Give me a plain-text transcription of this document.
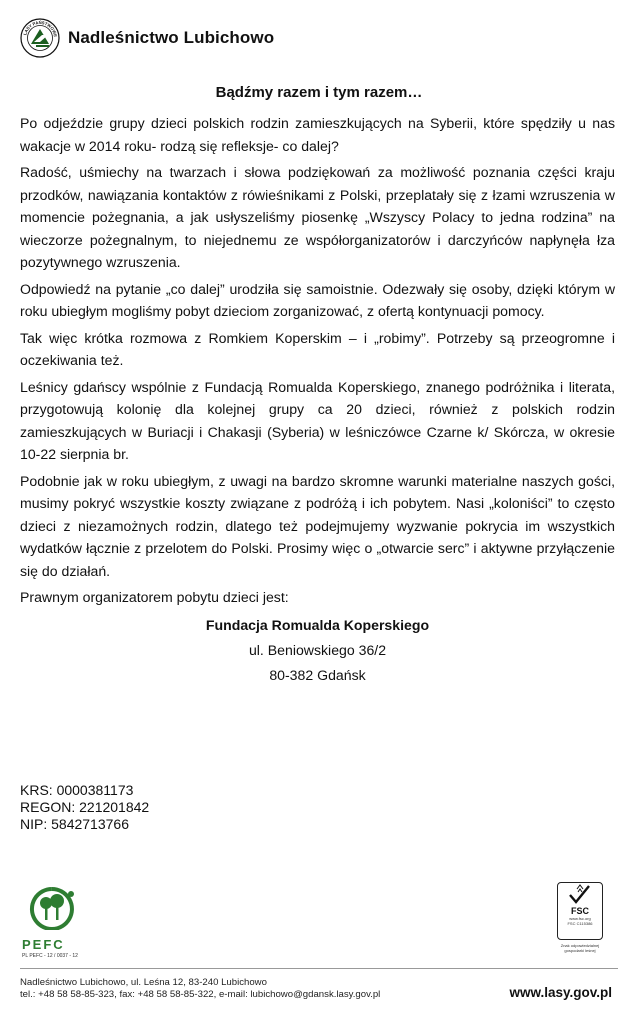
LASY PAŃSTWOWE Nadleśnictwo Lubichowo
Bądźmy razem i tym razem…

Po odjeździe grupy dzieci polskich rodzin zamieszkujących na Syberii, które spędziły u nas wakacje w 2014 roku- rodzą się refleksje- co dalej?

Radość, uśmiechy na twarzach i słowa podziękowań za możliwość poznania części kraju przodków, nawiązania kontaktów z rówieśnikami z Polski, przeplatały się z łzami wzruszenia w momencie pożegnania, a jak usłyszeliśmy piosenkę „Wszyscy Polacy to jedna rodzina” na wieczorze pożegnalnym, to niejednemu ze współorganizatorów i darczyńców napłynęła łza pozytywnego wzruszenia.

Odpowiedź na pytanie „co dalej” urodziła się samoistnie. Odezwały się osoby, dzięki którym w roku ubiegłym mogliśmy pobyt dzieciom zorganizować, z ofertą kontynuacji pomocy.

Tak więc krótka rozmowa z Romkiem Koperskim – i „robimy”. Potrzeby są przeogromne i oczekiwania też.

Leśnicy gdańscy wspólnie z Fundacją Romualda Koperskiego, znanego podróżnika i literata, przygotowują kolonię dla kolejnej grupy ca 20 dzieci, również z polskich rodzin zamieszkujących w Buriacji i Chakasji (Syberia) w leśniczówce Czarne k/ Skórcza, w okresie 10-22 sierpnia br.

Podobnie jak w roku ubiegłym, z uwagi na bardzo skromne warunki materialne naszych gości, musimy pokryć wszystkie koszty związane z podróżą i ich pobytem. Nasi „koloniści” to często dzieci z niezamożnych rodzin, dlatego też podejmujemy wyzwanie pokrycia im wszystkich wydatków łącznie z przelotem do Polski. Prosimy więc o „otwarcie serc” i aktywne przyłączenie się do działań.

Prawnym organizatorem pobytu dzieci jest:

Fundacja Romualda Koperskiego
ul. Beniowskiego 36/2
80-382 Gdańsk
KRS: 0000381173
REGON: 221201842
NIP: 5842713766
PEFC
PL PEFC - 12 / 0037 - 12
FSC
www.fsc.org
FSC C115386
Znak odpowiedzialnej
gospodarki leśnej
Nadleśnictwo Lubichowo, ul. Leśna 12, 83-240 Lubichowo
tel.: +48 58 58-85-323, fax: +48 58 58-85-322, e-mail: lubichowo@gdansk.lasy.gov.pl	www.lasy.gov.pl
